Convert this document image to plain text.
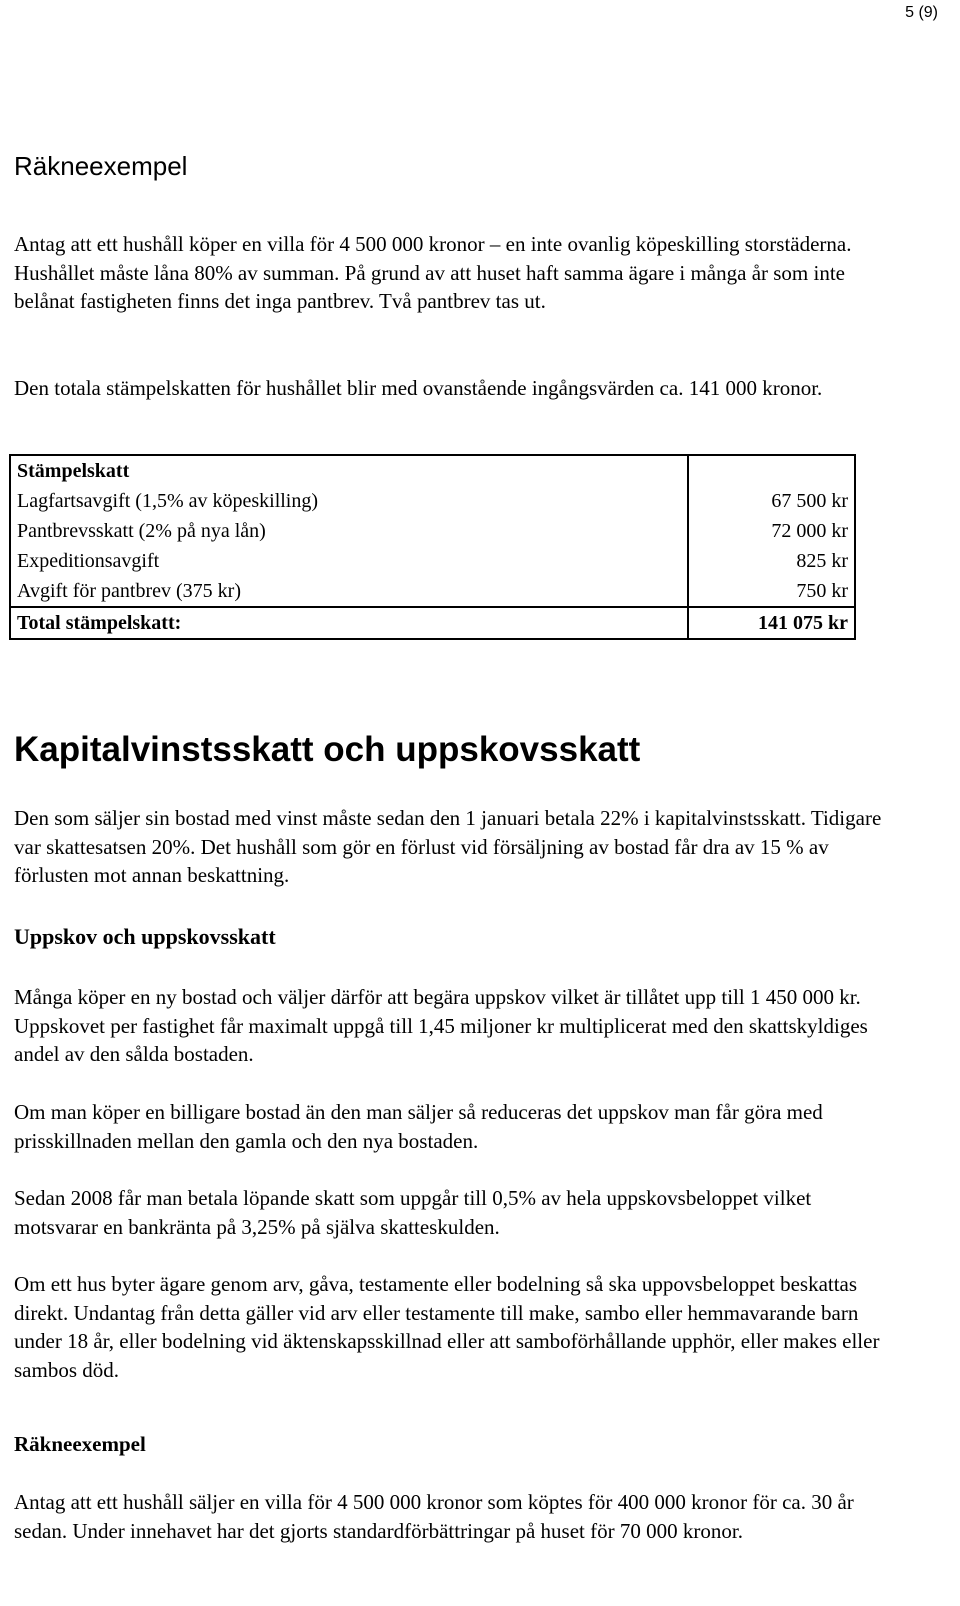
5 (9)
Räkneexempel

Antag att ett hushåll köper en villa för 4 500 000 kronor – en inte ovanlig köpeskilling storstäderna. Hushållet måste låna 80% av summan. På grund av att huset haft samma ägare i många år som inte belånat fastigheten finns det inga pantbrev. Två pantbrev tas ut.

Den totala stämpelskatten för hushållet blir med ovanstående ingångsvärden ca. 141 000 kronor.

Stämpelskatt	
Lagfartsavgift (1,5% av köpeskilling)	67 500 kr
Pantbrevsskatt (2% på nya lån)	72 000 kr
Expeditionsavgift	825 kr
Avgift för pantbrev (375 kr)	750 kr
Total stämpelskatt:	141 075 kr
Kapitalvinstsskatt och uppskovsskatt

Den som säljer sin bostad med vinst måste sedan den 1 januari betala 22% i kapitalvinstsskatt. Tidigare var skattesatsen 20%. Det hushåll som gör en förlust vid försäljning av bostad får dra av 15 % av förlusten mot annan beskattning.

Uppskov och uppskovsskatt

Många köper en ny bostad och väljer därför att begära uppskov vilket är tillåtet upp till 1 450 000 kr. Uppskovet per fastighet får maximalt uppgå till 1,45 miljoner kr multiplicerat med den skattskyldiges andel av den sålda bostaden.

Om man köper en billigare bostad än den man säljer så reduceras det uppskov man får göra med prisskillnaden mellan den gamla och den nya bostaden.

Sedan 2008 får man betala löpande skatt som uppgår till 0,5% av hela uppskovsbeloppet vilket motsvarar en bankränta på 3,25% på själva skatteskulden.

Om ett hus byter ägare genom arv, gåva, testamente eller bodelning så ska uppovsbeloppet beskattas direkt. Undantag från detta gäller vid arv eller testamente till make, sambo eller hemmavarande barn under 18 år, eller bodelning vid äktenskapsskillnad eller att samboförhållande upphör, eller makes eller sambos död.

Räkneexempel

Antag att ett hushåll säljer en villa för 4 500 000 kronor som köptes för 400 000 kronor för ca. 30 år sedan. Under innehavet har det gjorts standardförbättringar på huset för 70 000 kronor.
